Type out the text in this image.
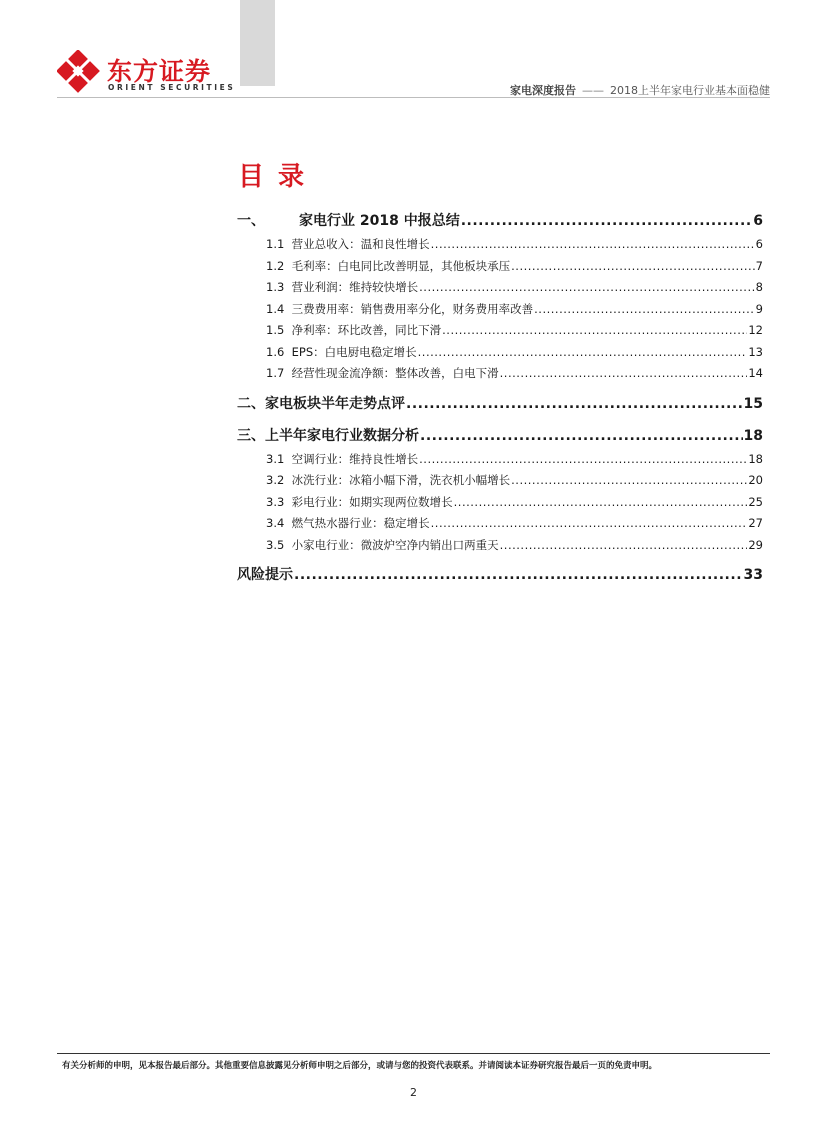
东方证券
ORIENT SECURITIES	家电深度报告 —— 2018上半年家电行业基本面稳健
目录
一、 家电行业 2018 中报总结 .....	6
1.1 营业总收入：温和良性增长 .....	6
1.2 毛利率：白电同比改善明显，其他板块承压 .....	7
1.3 营业利润：维持较快增长 .....	8
1.4 三费费用率：销售费用率分化，财务费用率改善 .....	9
1.5 净利率：环比改善，同比下滑 .....	12
1.6 EPS：白电厨电稳定增长 .....	13
1.7 经营性现金流净额：整体改善，白电下滑 .....	14
二、家电板块半年走势点评 .....	15
三、上半年家电行业数据分析 .....	18
3.1 空调行业：维持良性增长 .....	18
3.2 冰洗行业：冰箱小幅下滑，洗衣机小幅增长 .....	20
3.3 彩电行业：如期实现两位数增长 .....	25
3.4 燃气热水器行业：稳定增长 .....	27
3.5 小家电行业：微波炉空净内销出口两重天 .....	29
风险提示 .....	33
有关分析师的申明，见本报告最后部分。其他重要信息披露见分析师申明之后部分，或请与您的投资代表联系。并请阅读本证券研究报告最后一页的免责申明。
2
